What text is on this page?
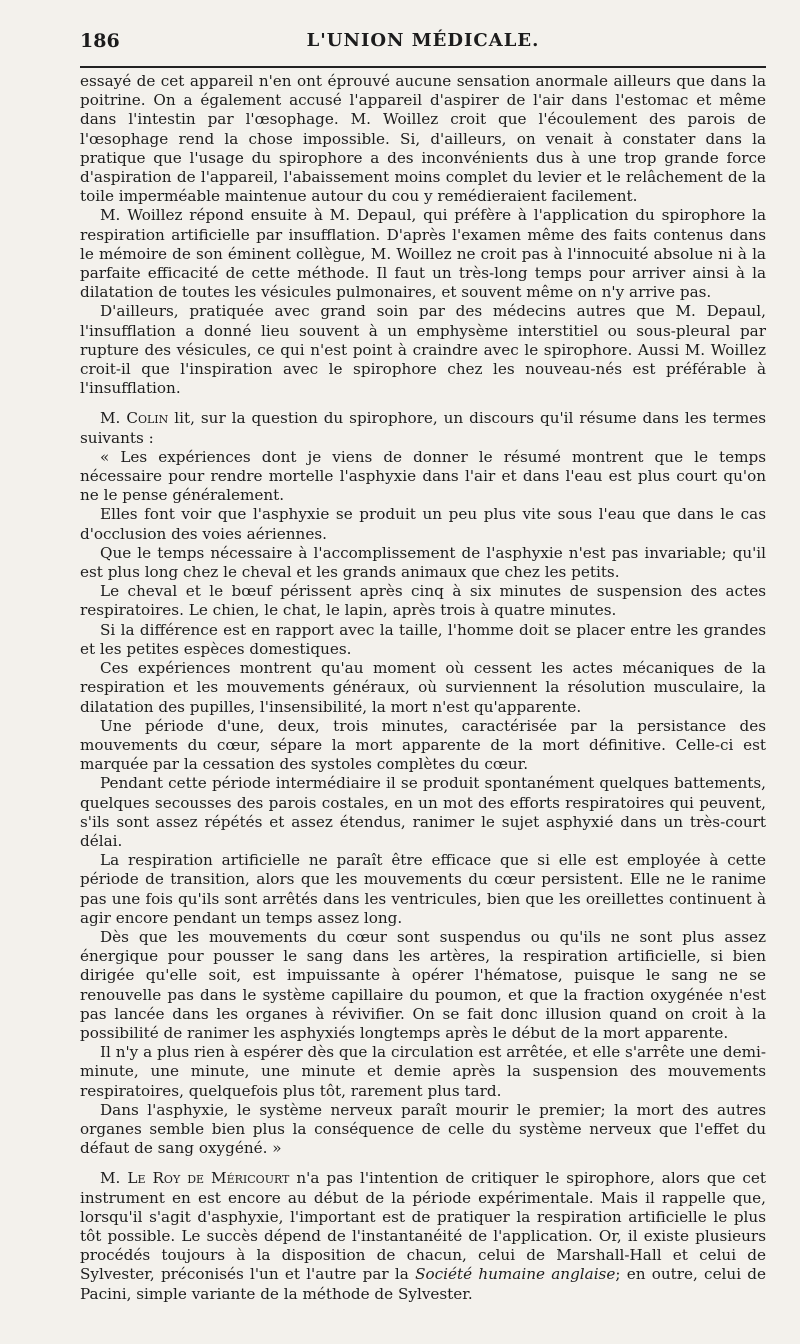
186	L'UNION MÉDICALE.

essayé de cet appareil n'en ont éprouvé aucune sensation anormale ailleurs que dans la poitrine. On a également accusé l'appareil d'aspirer de l'air dans l'estomac et même dans l'intestin par l'œsophage. M. Woillez croit que l'écoulement des parois de l'œsophage rend la chose impossible. Si, d'ailleurs, on venait à constater dans la pratique que l'usage du spirophore a des inconvénients dus à une trop grande force d'aspiration de l'appareil, l'abaissement moins complet du levier et le relâchement de la toile imperméable maintenue autour du cou y remédieraient facilement.

M. Woillez répond ensuite à M. Depaul, qui préfère à l'application du spirophore la respiration artificielle par insufflation. D'après l'examen même des faits contenus dans le mémoire de son éminent collègue, M. Woillez ne croit pas à l'innocuité absolue ni à la parfaite efficacité de cette méthode. Il faut un très-long temps pour arriver ainsi à la dilatation de toutes les vésicules pulmonaires, et souvent même on n'y arrive pas.

D'ailleurs, pratiquée avec grand soin par des médecins autres que M. Depaul, l'insufflation a donné lieu souvent à un emphysème interstitiel ou sous-pleural par rupture des vésicules, ce qui n'est point à craindre avec le spirophore. Aussi M. Woillez croit-il que l'inspiration avec le spirophore chez les nouveau-nés est préférable à l'insufflation.

M. Colin lit, sur la question du spirophore, un discours qu'il résume dans les termes suivants :

« Les expériences dont je viens de donner le résumé montrent que le temps nécessaire pour rendre mortelle l'asphyxie dans l'air et dans l'eau est plus court qu'on ne le pense généralement.

Elles font voir que l'asphyxie se produit un peu plus vite sous l'eau que dans le cas d'occlusion des voies aériennes.

Que le temps nécessaire à l'accomplissement de l'asphyxie n'est pas invariable; qu'il est plus long chez le cheval et les grands animaux que chez les petits.

Le cheval et le bœuf périssent après cinq à six minutes de suspension des actes respiratoires. Le chien, le chat, le lapin, après trois à quatre minutes.

Si la différence est en rapport avec la taille, l'homme doit se placer entre les grandes et les petites espèces domestiques.

Ces expériences montrent qu'au moment où cessent les actes mécaniques de la respiration et les mouvements généraux, où surviennent la résolution musculaire, la dilatation des pupilles, l'insensibilité, la mort n'est qu'apparente.

Une période d'une, deux, trois minutes, caractérisée par la persistance des mouvements du cœur, sépare la mort apparente de la mort définitive. Celle-ci est marquée par la cessation des systoles complètes du cœur.

Pendant cette période intermédiaire il se produit spontanément quelques battements, quelques secousses des parois costales, en un mot des efforts respiratoires qui peuvent, s'ils sont assez répétés et assez étendus, ranimer le sujet asphyxié dans un très-court délai.

La respiration artificielle ne paraît être efficace que si elle est employée à cette période de transition, alors que les mouvements du cœur persistent. Elle ne le ranime pas une fois qu'ils sont arrêtés dans les ventricules, bien que les oreillettes continuent à agir encore pendant un temps assez long.

Dès que les mouvements du cœur sont suspendus ou qu'ils ne sont plus assez énergique pour pousser le sang dans les artères, la respiration artificielle, si bien dirigée qu'elle soit, est impuissante à opérer l'hématose, puisque le sang ne se renouvelle pas dans le système capillaire du poumon, et que la fraction oxygénée n'est pas lancée dans les organes à révivifier. On se fait donc illusion quand on croit à la possibilité de ranimer les asphyxiés longtemps après le début de la mort apparente.

Il n'y a plus rien à espérer dès que la circulation est arrêtée, et elle s'arrête une demi-minute, une minute, une minute et demie après la suspension des mouvements respiratoires, quelquefois plus tôt, rarement plus tard.

Dans l'asphyxie, le système nerveux paraît mourir le premier; la mort des autres organes semble bien plus la conséquence de celle du système nerveux que l'effet du défaut de sang oxygéné. »

M. Le Roy de Méricourt n'a pas l'intention de critiquer le spirophore, alors que cet instrument en est encore au début de la période expérimentale. Mais il rappelle que, lorsqu'il s'agit d'asphyxie, l'important est de pratiquer la respiration artificielle le plus tôt possible. Le succès dépend de l'instantanéité de l'application. Or, il existe plusieurs procédés toujours à la disposition de chacun, celui de Marshall-Hall et celui de Sylvester, préconisés l'un et l'autre par la Société humaine anglaise; en outre, celui de Pacini, simple variante de la méthode de Sylvester.
